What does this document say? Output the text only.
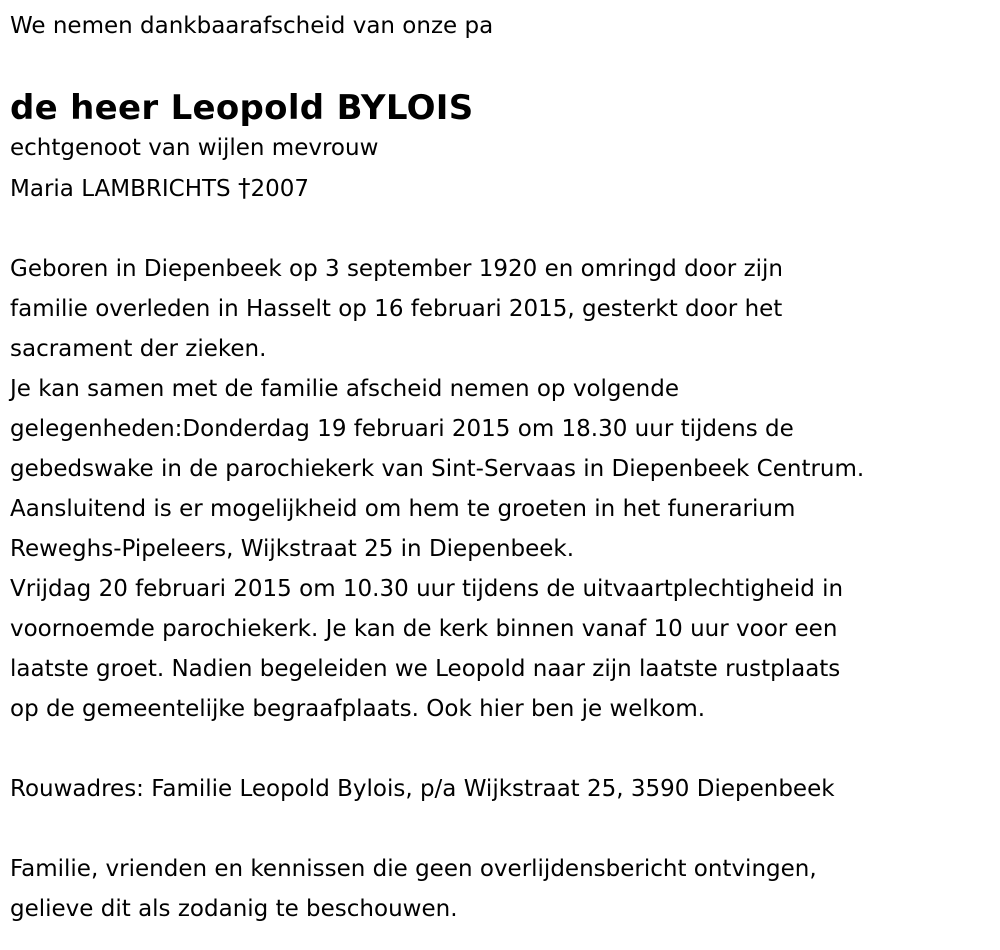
We nemen dankbaarafscheid van onze pa

de heer Leopold BYLOIS

echtgenoot van wijlen mevrouw

Maria LAMBRICHTS †2007

Geboren in Diepenbeek op 3 september 1920 en omringd door zijn

familie overleden in Hasselt op 16 februari 2015, gesterkt door het

sacrament der zieken.

Je kan samen met de familie afscheid nemen op volgende

gelegenheden:Donderdag 19 februari 2015 om 18.30 uur tijdens de

gebedswake in de parochiekerk van Sint-Servaas in Diepenbeek Centrum.

Aansluitend is er mogelijkheid om hem te groeten in het funerarium

Reweghs-Pipeleers, Wijkstraat 25 in Diepenbeek.

Vrijdag 20 februari 2015 om 10.30 uur tijdens de uitvaartplechtigheid in

voornoemde parochiekerk. Je kan de kerk binnen vanaf 10 uur voor een

laatste groet. Nadien begeleiden we Leopold naar zijn laatste rustplaats

op de gemeentelijke begraafplaats. Ook hier ben je welkom.

Rouwadres: Familie Leopold Bylois, p/a Wijkstraat 25, 3590 Diepenbeek

Familie, vrienden en kennissen die geen overlijdensbericht ontvingen,

gelieve dit als zodanig te beschouwen.
